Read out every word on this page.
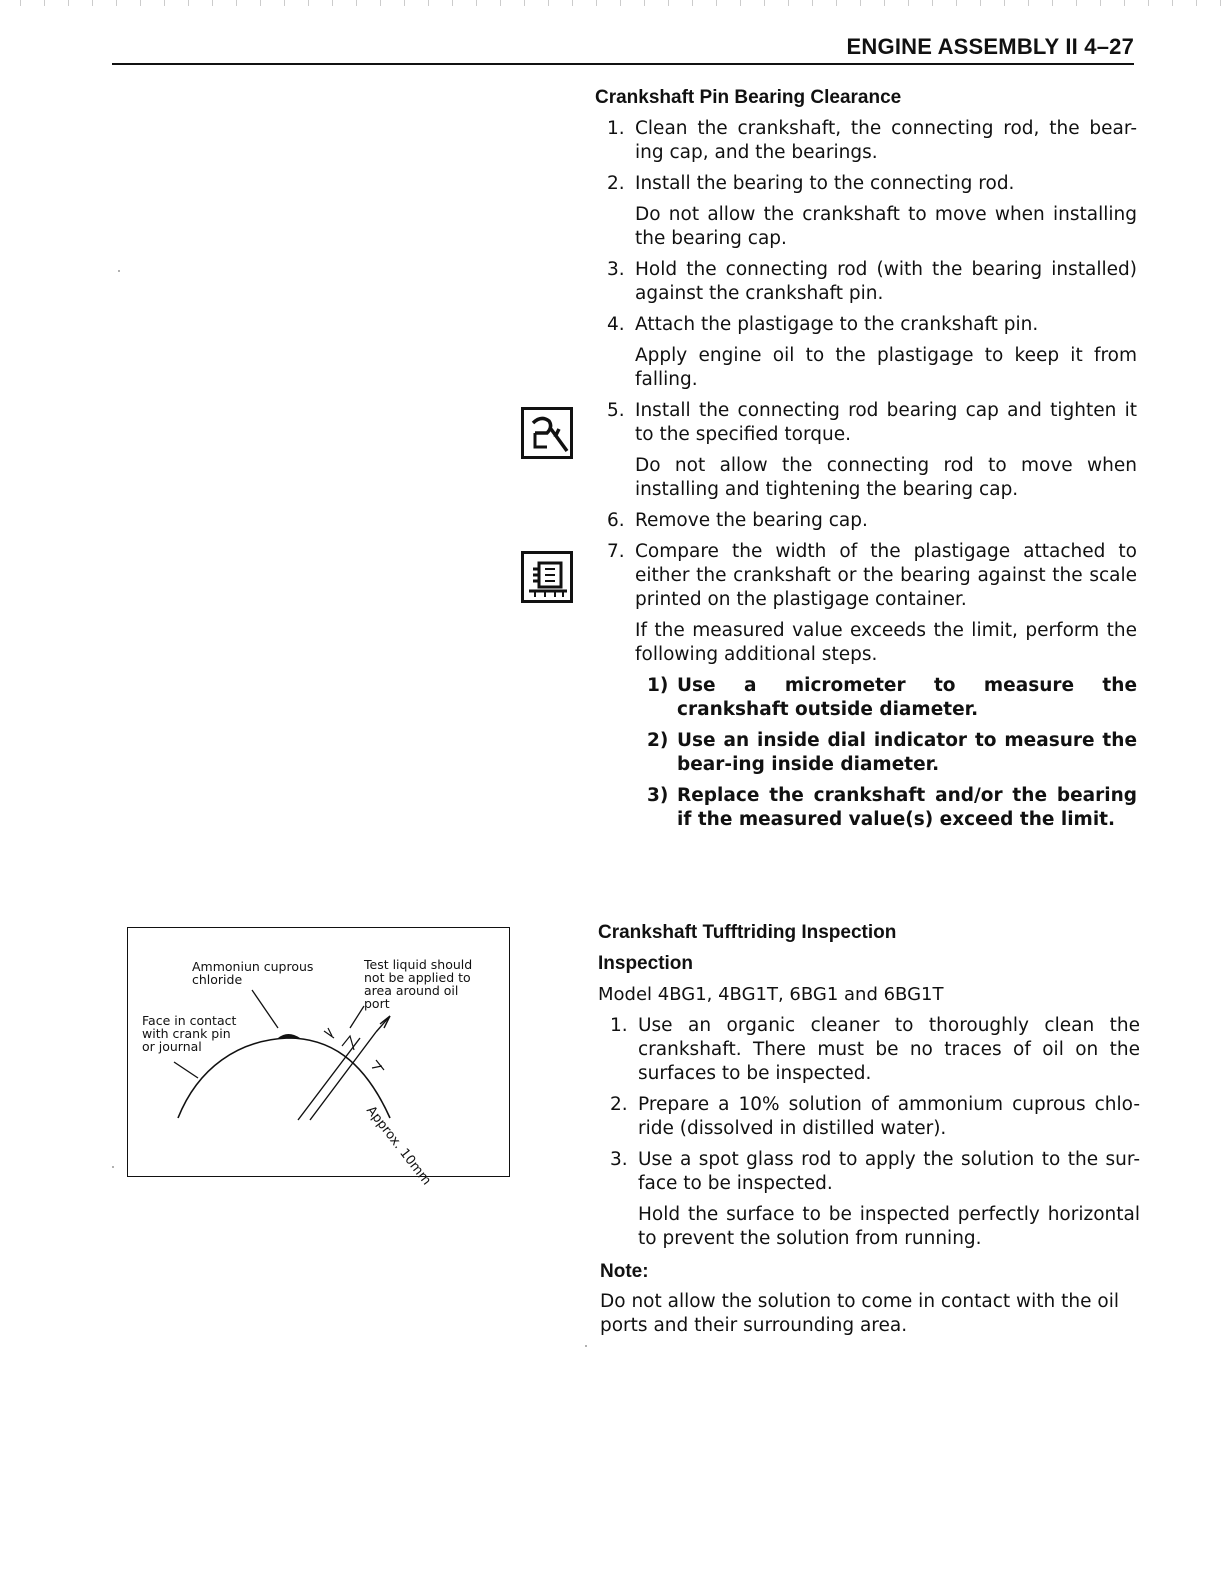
ENGINE ASSEMBLY II 4–27
Crankshaft Pin Bearing Clearance
1. Clean the crankshaft, the connecting rod, the bear-ing cap, and the bearings.
2. Install the bearing to the connecting rod.
Do not allow the crankshaft to move when installing the bearing cap.
3. Hold the connecting rod (with the bearing installed) against the crankshaft pin.
4. Attach the plastigage to the crankshaft pin.
Apply engine oil to the plastigage to keep it from falling.
5. Install the connecting rod bearing cap and tighten it to the specified torque.
Do not allow the connecting rod to move when installing and tightening the bearing cap.
6. Remove the bearing cap.
7. Compare the width of the plastigage attached to either the crankshaft or the bearing against the scale printed on the plastigage container.
If the measured value exceeds the limit, perform the following additional steps.
1) Use a micrometer to measure the crankshaft outside diameter.
2) Use an inside dial indicator to measure the bear-ing inside diameter.
3) Replace the crankshaft and/or the bearing if the measured value(s) exceed the limit.
Ammoniun cuprous
chloride
Test liquid should
not be applied to
area around oil
port
Face in contact
with crank pin
or journal
Approx. 10mm
Crankshaft Tufftriding Inspection
Inspection
Model 4BG1, 4BG1T, 6BG1 and 6BG1T
1. Use an organic cleaner to thoroughly clean the crankshaft. There must be no traces of oil on the surfaces to be inspected.
2. Prepare a 10% solution of ammonium cuprous chlo-ride (dissolved in distilled water).
3. Use a spot glass rod to apply the solution to the sur-face to be inspected.
Hold the surface to be inspected perfectly horizontal to prevent the solution from running.
Note:
Do not allow the solution to come in contact with the oil ports and their surrounding area.
